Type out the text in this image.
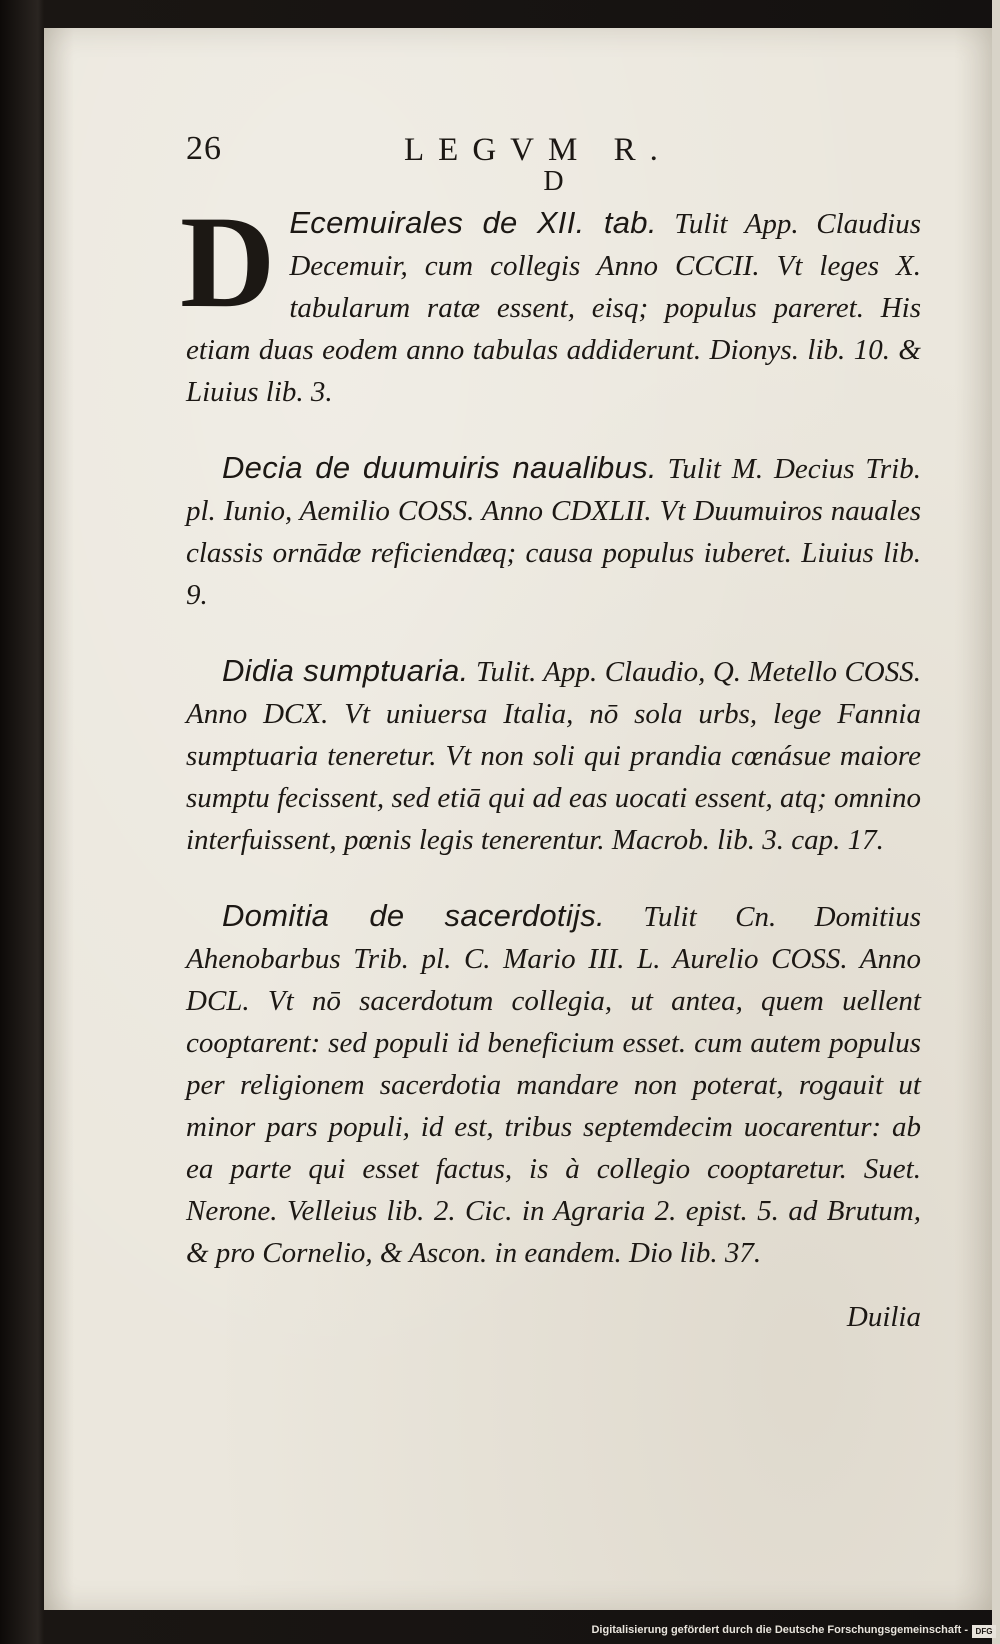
26	LEGVM R.
D
D Ecemuirales de XII. tab. Tulit App. Claudius Decemuir, cum collegis Anno CCCII. Vt leges X. tabularum ratæ essent, eisq; populus pareret. His etiam duas eodem anno tabulas addiderunt. Dionys. lib. 10. & Liuius lib. 3.

Decia de duumuiris naualibus. Tulit M. Decius Trib. pl. Iunio, Aemilio COSS. Anno CDXLII. Vt Duumuiros nauales classis ornādæ reficiendæq; causa populus iuberet. Liuius lib. 9.

Didia sumptuaria. Tulit. App. Claudio, Q. Metello COSS. Anno DCX. Vt uniuersa Italia, nō sola urbs, lege Fannia sumptuaria teneretur. Vt non soli qui prandia cœnásue maiore sumptu fecissent, sed etiā qui ad eas uocati essent, atq; omnino interfuissent, pœnis legis tenerentur. Macrob. lib. 3. cap. 17.

Domitia de sacerdotijs. Tulit Cn. Domitius Ahenobarbus Trib. pl. C. Mario III. L. Aurelio COSS. Anno DCL. Vt nō sacerdotum collegia, ut antea, quem uellent cooptarent: sed populi id beneficium esset. cum autem populus per religionem sacerdotia mandare non poterat, rogauit ut minor pars populi, id est, tribus septemdecim uocarentur: ab ea parte qui esset factus, is à collegio cooptaretur. Suet. Nerone. Velleius lib. 2. Cic. in Agraria 2. epist. 5. ad Brutum, & pro Cornelio, & Ascon. in eandem. Dio lib. 37.

Duilia
Digitalisierung gefördert durch die Deutsche Forschungsgemeinschaft - DFG
